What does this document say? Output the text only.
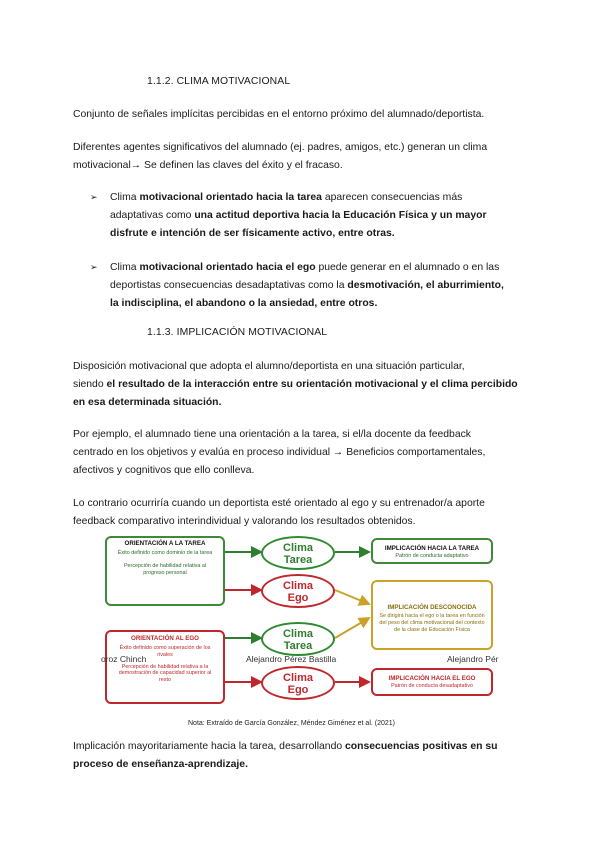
1.1.2. CLIMA MOTIVACIONAL

Conjunto de señales implícitas percibidas en el entorno próximo del alumnado/deportista.

Diferentes agentes significativos del alumnado (ej. padres, amigos, etc.) generan un clima
motivacional→ Se definen las claves del éxito y el fracaso.
➢ Clima motivacional orientado hacia la tarea aparecen consecuencias más
adaptativas como una actitud deportiva hacia la Educación Física y un mayor
disfrute e intención de ser físicamente activo, entre otras.
➢ Clima motivacional orientado hacia el ego puede generar en el alumnado o en las
deportistas consecuencias desadaptativas como la desmotivación, el aburrimiento,
la indisciplina, el abandono o la ansiedad, entre otros.

1.1.3. IMPLICACIÓN MOTIVACIONAL

Disposición motivacional que adopta el alumno/deportista en una situación particular,
siendo el resultado de la interacción entre su orientación motivacional y el clima percibido
en esa determinada situación.
Por ejemplo, el alumnado tiene una orientación a la tarea, si el/la docente da feedback
centrado en los objetivos y evalúa en proceso individual → Beneficios comportamentales,
afectivos y cognitivos que ello conlleva.
Lo contrario ocurriría cuando un deportista esté orientado al ego y su entrenador/a aporte
feedback comparativo interindividual y valorando los resultados obtenidos.
ORIENTACIÓN A LA TAREA
Éxito definido como dominio de la tarea
Percepción de habilidad relativa al progreso personal
ORIENTACIÓN AL EGO
Éxito definido como superación de los rivales
Percepción de habilidad relativa a la demostración de capacidad superior al resto
Clima
Tarea
Clima
Ego
Clima
Tarea
Clima
Ego
IMPLICACIÓN HACIA LA TAREA
Patrón de conducta adaptativo
IMPLICACIÓN DESCONOCIDA
Se dirigirá hacia el ego o la tarea en función del peso del clima motivacional del contexto de la clase de Educación Física
IMPLICACIÓN HACIA EL EGO
Patrón de conducta desadaptativo
oroz Chinch	Alejandro Pérez Bastilla	Alejandro Pér
Nota: Extraído de García González, Méndez Giménez et al. (2021)
Implicación mayoritariamente hacia la tarea, desarrollando consecuencias positivas en su
proceso de enseñanza-aprendizaje.
